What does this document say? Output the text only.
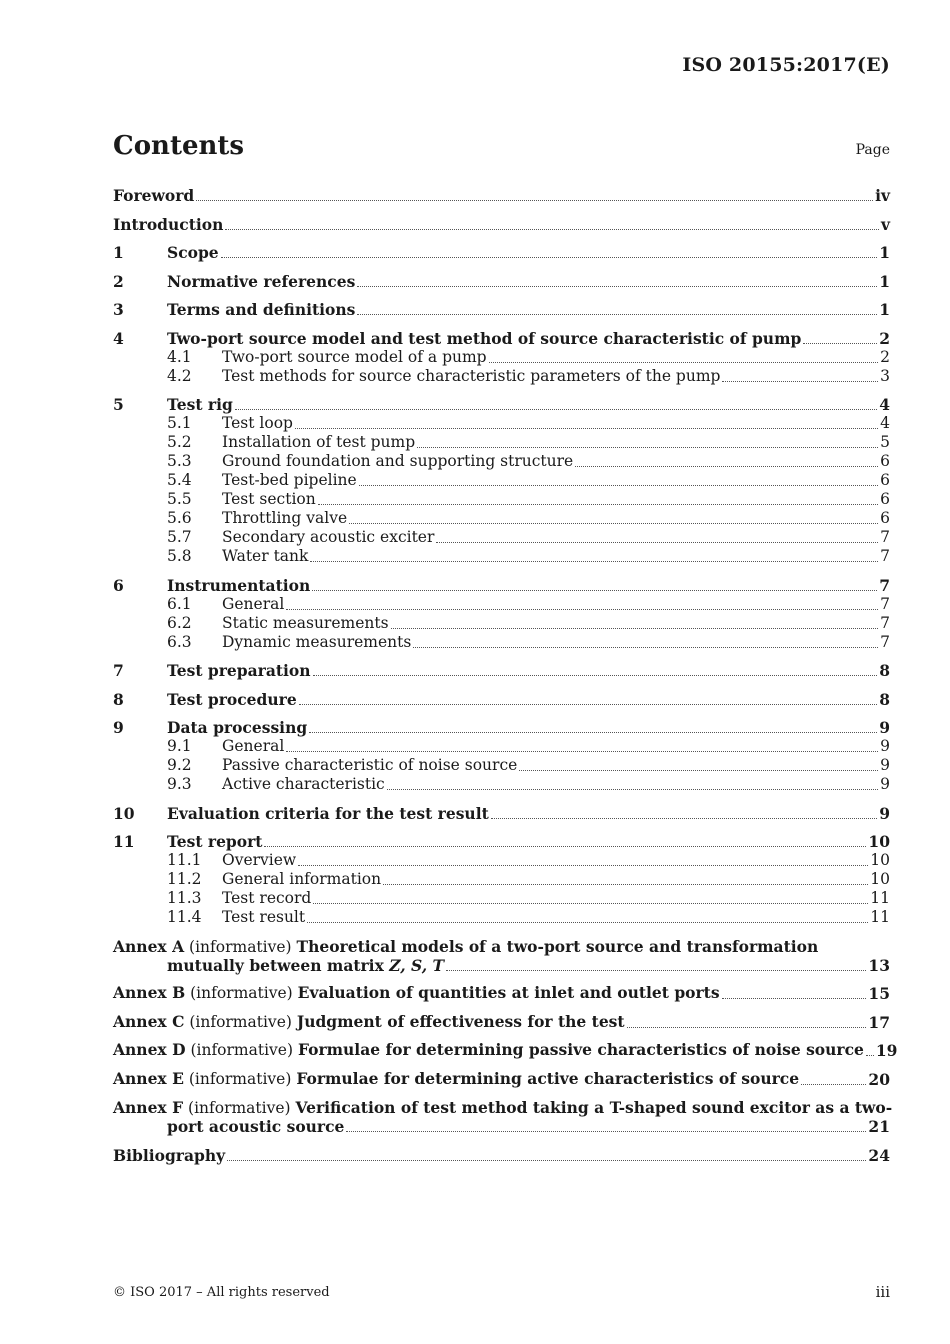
ISO 20155:2017(E)
Contents	Page
Foreword	iv
Introduction	v
1	Scope	1
2	Normative references	1
3	Terms and definitions	1
4	Two-port source model and test method of source characteristic of pump	2
4.1	Two-port source model of a pump	2
4.2	Test methods for source characteristic parameters of the pump	3
5	Test rig	4
5.1	Test loop	4
5.2	Installation of test pump	5
5.3	Ground foundation and supporting structure	6
5.4	Test-bed pipeline	6
5.5	Test section	6
5.6	Throttling valve	6
5.7	Secondary acoustic exciter	7
5.8	Water tank	7
6	Instrumentation	7
6.1	General	7
6.2	Static measurements	7
6.3	Dynamic measurements	7
7	Test preparation	8
8	Test procedure	8
9	Data processing	9
9.1	General	9
9.2	Passive characteristic of noise source	9
9.3	Active characteristic	9
10	Evaluation criteria for the test result	9
11	Test report	10
11.1	Overview	10
11.2	General information	10
11.3	Test record	11
11.4	Test result	11
Annex A (informative) Theoretical models of a two-port source and transformation
mutually between matrix Z, S, T	13
Annex B (informative) Evaluation of quantities at inlet and outlet ports	15
Annex C (informative) Judgment of effectiveness for the test	17
Annex D (informative) Formulae for determining passive characteristics of noise source 19
Annex E (informative) Formulae for determining active characteristics of source	20
Annex F (informative) Verification of test method taking a T-shaped sound excitor as a two-
port acoustic source	21
Bibliography	24
© ISO 2017 – All rights reserved	iii
